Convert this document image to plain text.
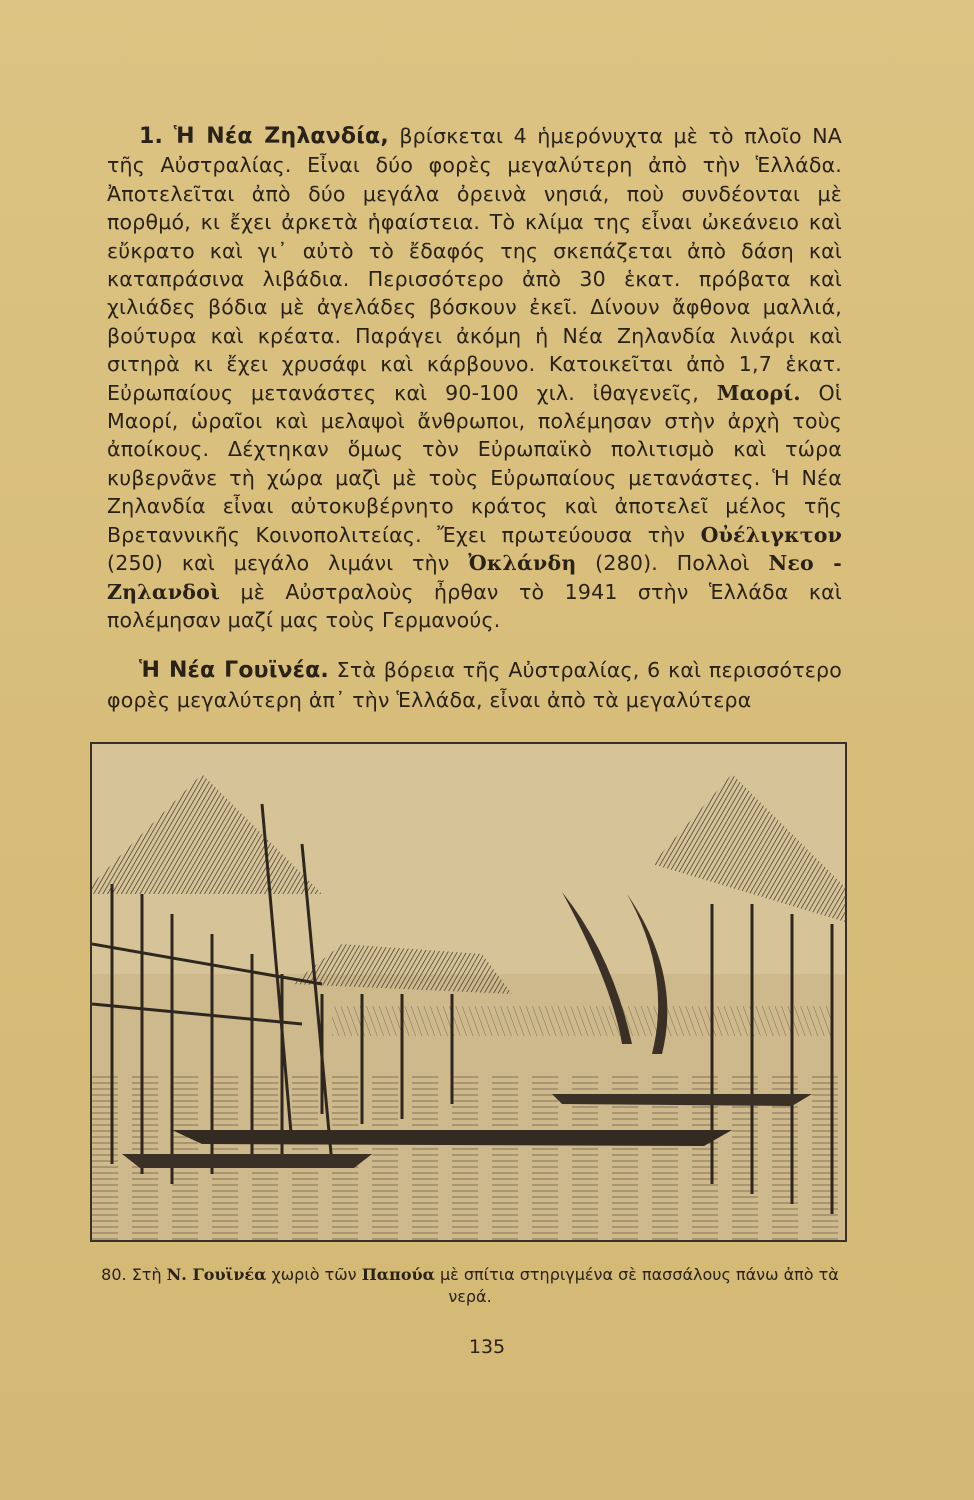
1. Ἡ Νέα Ζηλανδία, βρίσκεται 4 ἡμερόνυχτα μὲ τὸ πλοῖο ΝΑ τῆς Αὐστραλίας. Εἶναι δύο φορὲς μεγαλύτερη ἀπὸ τὴν Ἑλλάδα. Ἀποτελεῖται ἀπὸ δύο μεγάλα ὀρεινὰ νησιά, ποὺ συνδέονται μὲ πορθμό, κι ἔχει ἀρκετὰ ἡφαίστεια. Τὸ κλίμα της εἶναι ὠκεάνειο καὶ εὔκρατο καὶ γι᾽ αὐτὸ τὸ ἔδαφός της σκεπάζεται ἀπὸ δάση καὶ καταπράσινα λιβάδια. Περισσότερο ἀπὸ 30 ἑκατ. πρόβατα καὶ χιλιάδες βόδια μὲ ἀγελάδες βόσκουν ἐκεῖ. Δίνουν ἄφθονα μαλλιά, βούτυρα καὶ κρέατα. Παράγει ἀκόμη ἡ Νέα Ζηλανδία λινάρι καὶ σιτηρὰ κι ἔχει χρυσάφι καὶ κάρβουνο. Κατοικεῖται ἀπὸ 1,7 ἑκατ. Εὐρωπαίους μετανάστες καὶ 90-100 χιλ. ἰθαγενεῖς, Μαορί. Οἱ Μαορί, ὡραῖοι καὶ μελαψοὶ ἄνθρωποι, πολέμησαν στὴν ἀρχὴ τοὺς ἀποίκους. Δέχτηκαν ὅμως τὸν Εὐρωπαϊκὸ πολιτισμὸ καὶ τώρα κυβερνᾶνε τὴ χώρα μαζὶ μὲ τοὺς Εὐρωπαίους μετανάστες. Ἡ Νέα Ζηλανδία εἶναι αὐτοκυβέρνητο κράτος καὶ ἀποτελεῖ μέλος τῆς Βρεταννικῆς Κοινοπολιτείας. Ἔχει πρωτεύουσα τὴν Οὐέλιγκτον (250) καὶ μεγάλο λιμάνι τὴν Ὀκλάνδη (280). Πολλοὶ Νεο - Ζηλανδοὶ μὲ Αὐστραλοὺς ἦρθαν τὸ 1941 στὴν Ἑλλάδα καὶ πολέμησαν μαζί μας τοὺς Γερμανούς.

Ἡ Νέα Γουϊνέα. Στὰ βόρεια τῆς Αὐστραλίας, 6 καὶ περισσότερο φορὲς μεγαλύτερη ἀπ᾽ τὴν Ἑλλάδα, εἶναι ἀπὸ τὰ μεγαλύτερα

80. Στὴ Ν. Γουϊνέα χωριὸ τῶν Παπούα μὲ σπίτια στηριγμένα σὲ πασσάλους πάνω ἀπὸ τὰ νερά.
135
